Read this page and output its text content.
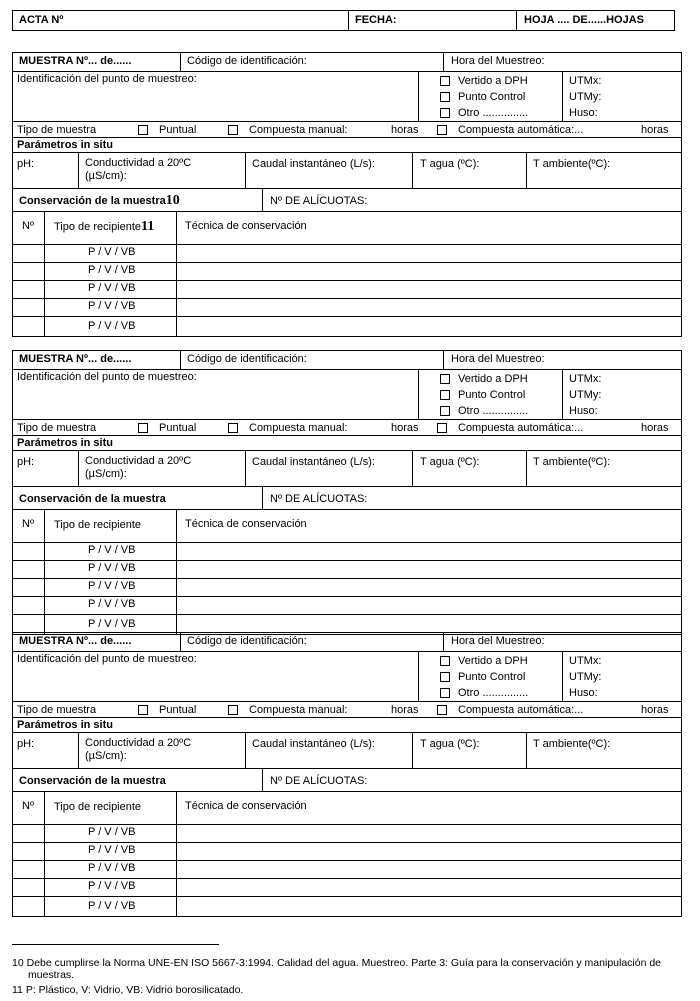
ACTA Nº	FECHA:	HOJA .... DE......HOJAS
MUESTRA Nº... de......	Código de identificación:	Hora del Muestreo:
Identificación del punto de muestreo:	Vertido a DPH
Punto Control
Otro ...............
UTMx:
UTMy:
Huso:
Tipo de muestra	Puntual	Compuesta manual:	horas	Compuesta automática:...	horas
Parámetros in situ
pH:	Conductividad a 20ºC
(µS/cm):
Caudal instantáneo (L/s):	T agua (ºC):	T ambiente(ºC):
Conservación de la muestra10	Nº DE ALÍCUOTAS:
Nº Tipo de recipiente11	Técnica de conservación
P / V / VB
P / V / VB
P / V / VB
P / V / VB
P / V / VB
MUESTRA Nº... de......	Código de identificación:	Hora del Muestreo:
Identificación del punto de muestreo:	Vertido a DPH
Punto Control
Otro ...............
UTMx:
UTMy:
Huso:
Tipo de muestra	Puntual	Compuesta manual:	horas	Compuesta automática:...	horas
Parámetros in situ
pH:	Conductividad a 20ºC
(µS/cm):
Caudal instantáneo (L/s):	T agua (ºC):	T ambiente(ºC):
Conservación de la muestra	Nº DE ALÍCUOTAS:
Nº Tipo de recipiente	Técnica de conservación
P / V / VB
P / V / VB
P / V / VB
P / V / VB
P / V / VB
MUESTRA Nº... de......	Código de identificación:	Hora del Muestreo:
Identificación del punto de muestreo:	Vertido a DPH
Punto Control
Otro ...............
UTMx:
UTMy:
Huso:
Tipo de muestra	Puntual	Compuesta manual:	horas	Compuesta automática:...	horas
Parámetros in situ
pH:	Conductividad a 20ºC
(µS/cm):
Caudal instantáneo (L/s):	T agua (ºC):	T ambiente(ºC):
Conservación de la muestra	Nº DE ALÍCUOTAS:
Nº Tipo de recipiente	Técnica de conservación
P / V / VB
P / V / VB
P / V / VB
P / V / VB
P / V / VB
10 Debe cumplirse la Norma UNE-EN ISO 5667-3:1994. Calidad del agua. Muestreo. Parte 3: Guía para la conservación y manipulación de
muestras.
11 P: Plástico, V: Vidrio, VB: Vidrio borosilicatado.
